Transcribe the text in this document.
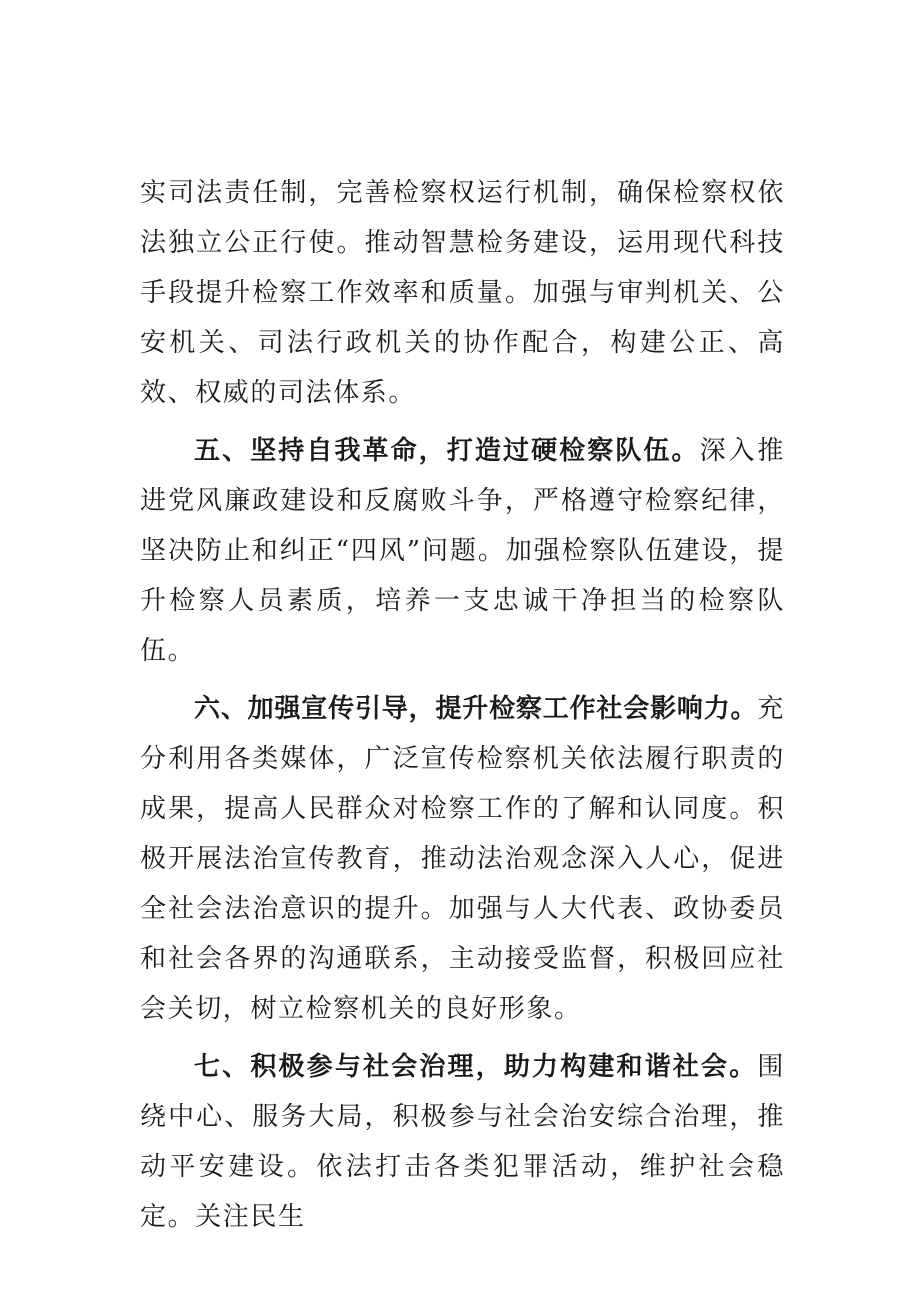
实司法责任制，完善检察权运行机制，确保检察权依法独立公正行使。推动智慧检务建设，运用现代科技手段提升检察工作效率和质量。加强与审判机关、公安机关、司法行政机关的协作配合，构建公正、高效、权威的司法体系。

五、坚持自我革命，打造过硬检察队伍。深入推进党风廉政建设和反腐败斗争，严格遵守检察纪律，坚决防止和纠正“四风”问题。加强检察队伍建设，提升检察人员素质，培养一支忠诚干净担当的检察队伍。

六、加强宣传引导，提升检察工作社会影响力。充分利用各类媒体，广泛宣传检察机关依法履行职责的成果，提高人民群众对检察工作的了解和认同度。积极开展法治宣传教育，推动法治观念深入人心，促进全社会法治意识的提升。加强与人大代表、政协委员和社会各界的沟通联系，主动接受监督，积极回应社会关切，树立检察机关的良好形象。

七、积极参与社会治理，助力构建和谐社会。围绕中心、服务大局，积极参与社会治安综合治理，推动平安建设。依法打击各类犯罪活动，维护社会稳定。关注民生
